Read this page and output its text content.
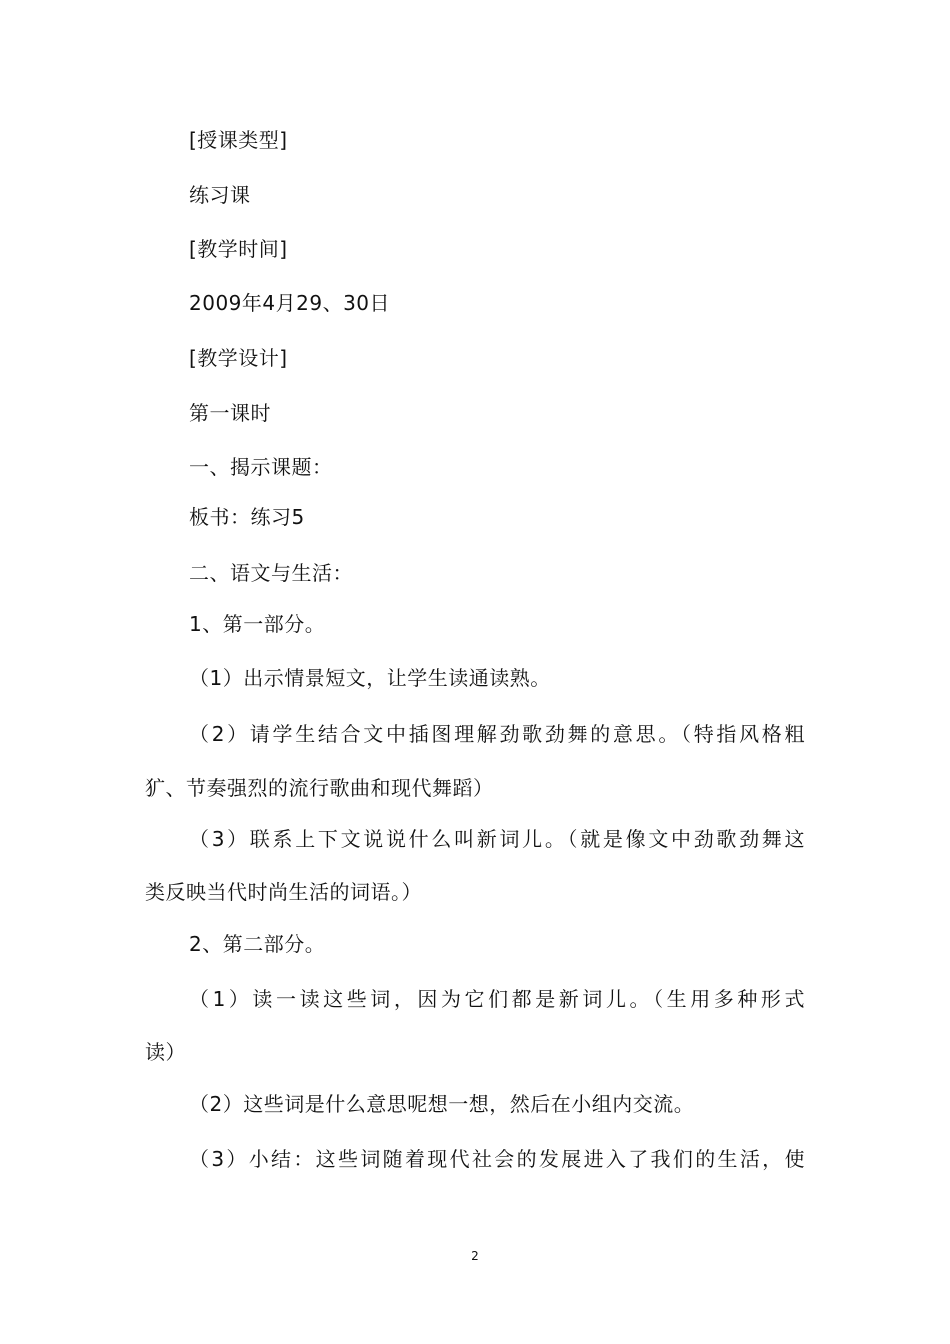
[授课类型]
练习课
[教学时间]
2009年4月29、30日
[教学设计]
第一课时
一、揭示课题：
板书：练习5
二、语文与生活：
1、第一部分。
（1）出示情景短文，让学生读通读熟。
（2）请学生结合文中插图理解劲歌劲舞的意思。（特指风格粗
犷、节奏强烈的流行歌曲和现代舞蹈）
（3）联系上下文说说什么叫新词儿。（就是像文中劲歌劲舞这
类反映当代时尚生活的词语。）
2、第二部分。
（1）读一读这些词，因为它们都是新词儿。（生用多种形式
读）
（2）这些词是什么意思呢想一想，然后在小组内交流。
（3）小结：这些词随着现代社会的发展进入了我们的生活，使
2
